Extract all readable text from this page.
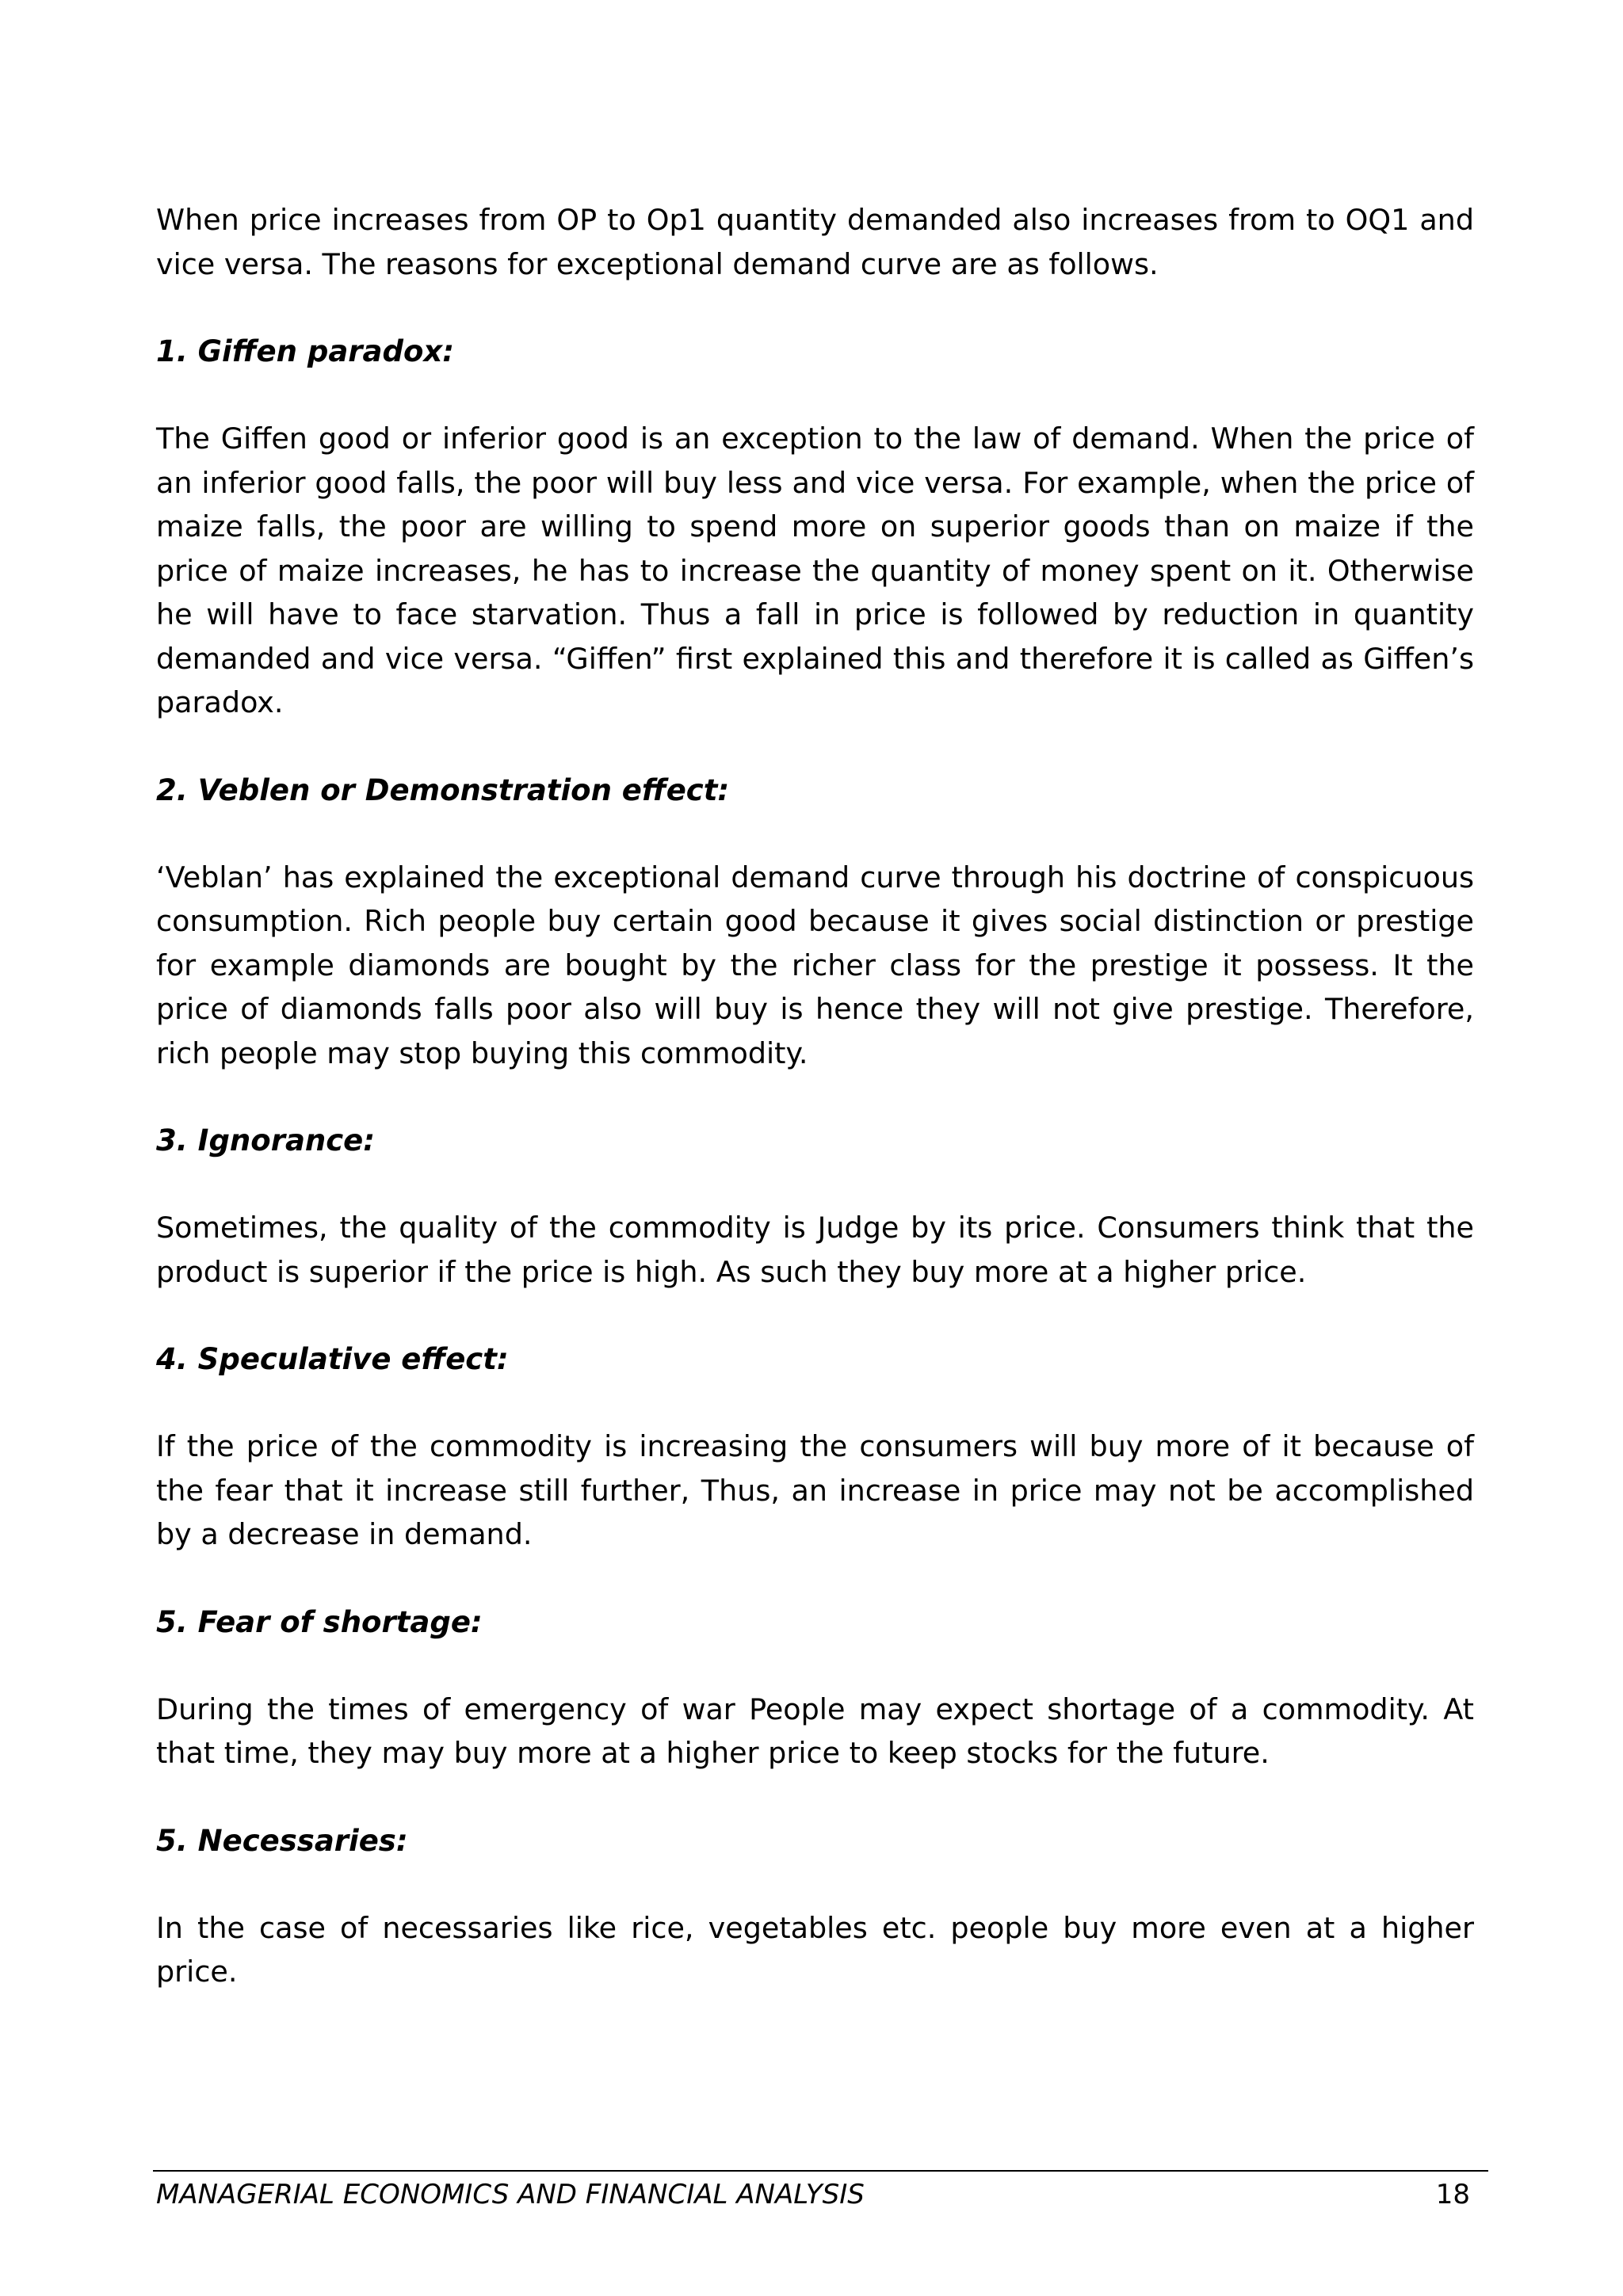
When price increases from OP to Op1 quantity demanded also increases from to OQ1 and vice versa. The reasons for exceptional demand curve are as follows.

1. Giffen paradox:

The Giffen good or inferior good is an exception to the law of demand. When the price of an inferior good falls, the poor will buy less and vice versa. For example, when the price of maize falls, the poor are willing to spend more on superior goods than on maize if the price of maize increases, he has to increase the quantity of money spent on it. Otherwise he will have to face starvation. Thus a fall in price is followed by reduction in quantity demanded and vice versa. “Giffen” first explained this and therefore it is called as Giffen’s paradox.

2. Veblen or Demonstration effect:

‘Veblan’ has explained the exceptional demand curve through his doctrine of conspicuous consumption. Rich people buy certain good because it gives social distinction or prestige for example diamonds are bought by the richer class for the prestige it possess. It the price of diamonds falls poor also will buy is hence they will not give prestige. Therefore, rich people may stop buying this commodity.

3. Ignorance:

Sometimes, the quality of the commodity is Judge by its price. Consumers think that the product is superior if the price is high. As such they buy more at a higher price.

4. Speculative effect:

If the price of the commodity is increasing the consumers will buy more of it because of the fear that it increase still further, Thus, an increase in price may not be accomplished by a decrease in demand.

5. Fear of shortage:

During the times of emergency of war People may expect shortage of a commodity. At that time, they may buy more at a higher price to keep stocks for the future.

5. Necessaries:

In the case of necessaries like rice, vegetables etc. people buy more even at a higher price.

MANAGERIAL ECONOMICS AND FINANCIAL ANALYSIS	18
